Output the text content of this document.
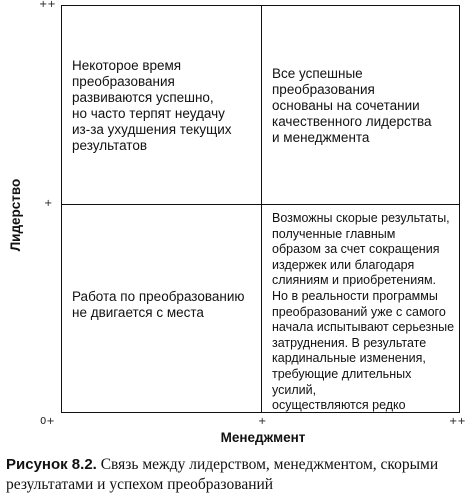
++
+
0+	+	++
Лидерство
Менеджмент
Некоторое время
преобразования
развиваются успешно,
но часто терпят неудачу
из-за ухудшения текущих
результатов
Все успешные
преобразования
основаны на сочетании
качественного лидерства
и менеджмента
Работа по преобразованию
не двигается с места
Возможны скорые результаты,
полученные главным
образом за счет сокращения
издержек или благодаря
слияниям и приобретениям.
Но в реальности программы
преобразований уже с самого
начала испытывают серьезные
затруднения. В результате
кардинальные изменения,
требующие длительных усилий,
осуществляются редко
Рисунок 8.2. Связь между лидерством, менеджментом, скорыми результатами и успехом преобразований
